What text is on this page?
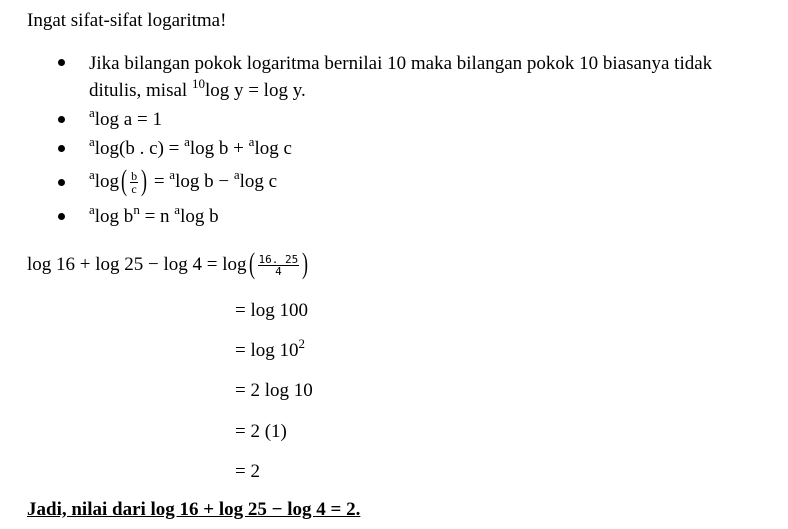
Ingat sifat-sifat logaritma!
Jika bilangan pokok logaritma bernilai 10 maka bilangan pokok 10 biasanya tidak
ditulis, misal $^{10}$log y = log y.
$^a$log a = 1
$^a$log(b . c) = $^a$log b + $^a$log c
$^a\log( \frac{b}{c}$ ) = $^a$log b − $^a$log c
$^a$log $b^n = n$ $^a$log b
$\log 16 + \log 25 - \log 4 = \log( \frac{16. 25}{4}$ )
= log 100
= $\log 10^2$
= 2 log 10
= 2 (1)
= 2
Jadi, nilai dari log 16 + log 25 − log 4 = 2.
